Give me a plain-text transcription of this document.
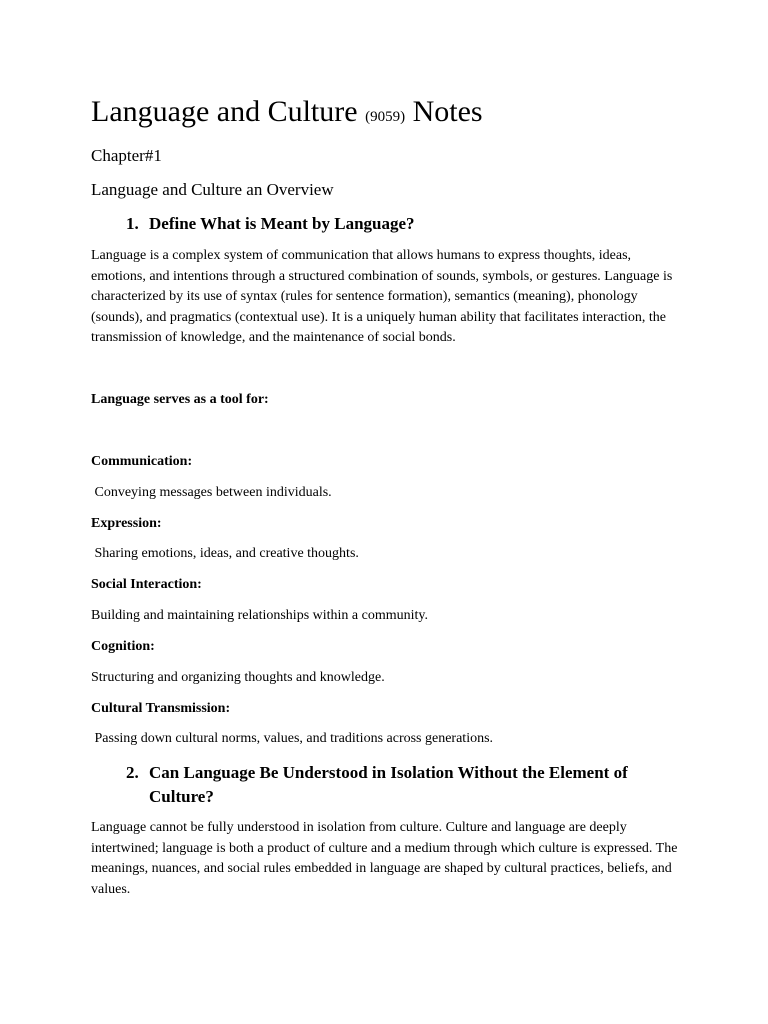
Language and Culture (9059) Notes
Chapter#1
Language and Culture an Overview
1. Define What is Meant by Language?
Language is a complex system of communication that allows humans to express thoughts, ideas, emotions, and intentions through a structured combination of sounds, symbols, or gestures. Language is characterized by its use of syntax (rules for sentence formation), semantics (meaning), phonology (sounds), and pragmatics (contextual use). It is a uniquely human ability that facilitates interaction, the transmission of knowledge, and the maintenance of social bonds.
Language serves as a tool for:
Communication:
Conveying messages between individuals.
Expression:
Sharing emotions, ideas, and creative thoughts.
Social Interaction:
Building and maintaining relationships within a community.
Cognition:
Structuring and organizing thoughts and knowledge.
Cultural Transmission:
Passing down cultural norms, values, and traditions across generations.
2. Can Language Be Understood in Isolation Without the Element of Culture?
Language cannot be fully understood in isolation from culture. Culture and language are deeply intertwined; language is both a product of culture and a medium through which culture is expressed. The meanings, nuances, and social rules embedded in language are shaped by cultural practices, beliefs, and values.
